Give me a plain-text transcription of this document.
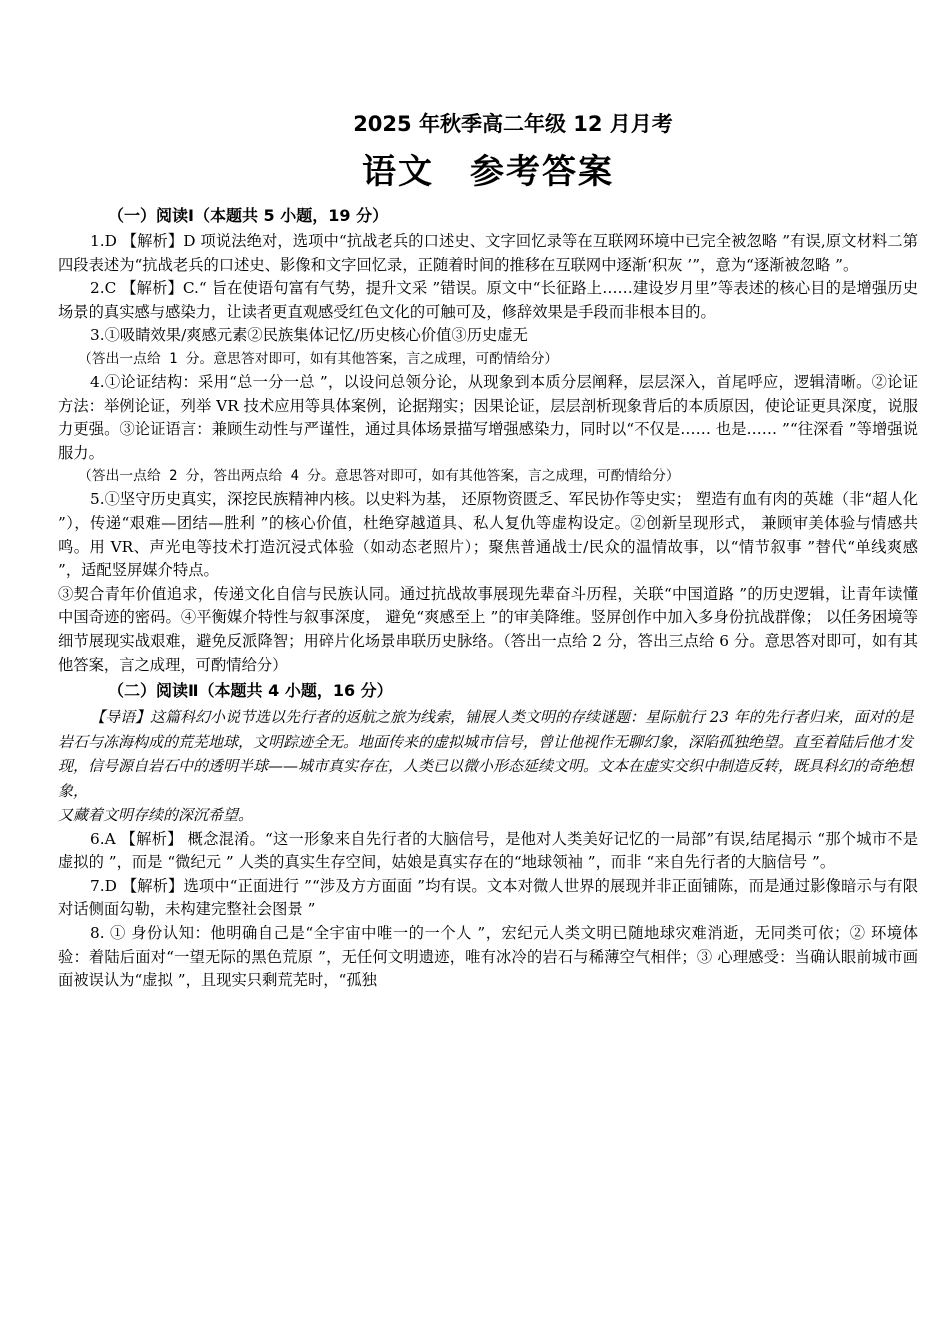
2025 年秋季高二年级 12 月月考
语文　参考答案
（一）阅读Ⅰ（本题共 5 小题，19 分）

1.D 【解析】D 项说法绝对，选项中“抗战老兵的口述史、文字回忆录等在互联网环境中已完全被忽略 ”有误,原文材料二第四段表述为“抗战老兵的口述史、影像和文字回忆录，正随着时间的推移在互联网中逐渐‘积灰 ’”，意为“逐渐被忽略 ”。

2.C 【解析】C.“ 旨在使语句富有气势，提升文采 ”错误。原文中“长征路上……建设岁月里”等表述的核心目的是增强历史场景的真实感与感染力，让读者更直观感受红色文化的可触可及，修辞效果是手段而非根本目的。

3.①吸睛效果/爽感元素②民族集体记忆/历史核心价值③历史虚无

（答出一点给 1 分。意思答对即可，如有其他答案，言之成理，可酌情给分）

4.①论证结构：采用“总一分一总 ”，以设问总领分论，从现象到本质分层阐释，层层深入，首尾呼应，逻辑清晰。②论证方法：举例论证，列举 VR 技术应用等具体案例，论据翔实；因果论证，层层剖析现象背后的本质原因，使论证更具深度，说服力更强。③论证语言：兼顾生动性与严谨性，通过具体场景描写增强感染力，同时以“不仅是…… 也是…… ”“往深看 ”等增强说服力。

（答出一点给 2 分，答出两点给 4 分。意思答对即可，如有其他答案，言之成理，可酌情给分）

5.①坚守历史真实，深挖民族精神内核。以史料为基， 还原物资匮乏、军民协作等史实； 塑造有血有肉的英雄（非“超人化 ”），传递“艰难—团结—胜利 ”的核心价值，杜绝穿越道具、私人复仇等虚构设定。②创新呈现形式， 兼顾审美体验与情感共鸣。用 VR、声光电等技术打造沉浸式体验（如动态老照片）；聚焦普通战士/民众的温情故事，以“情节叙事 ”替代“单线爽感 ”，适配竖屏媒介特点。

③契合青年价值追求，传递文化自信与民族认同。通过抗战故事展现先辈奋斗历程，关联“中国道路 ”的历史逻辑，让青年读懂中国奇迹的密码。④平衡媒介特性与叙事深度， 避免“爽感至上 ”的审美降维。竖屏创作中加入多身份抗战群像； 以任务困境等细节展现实战艰难，避免反派降智；用碎片化场景串联历史脉络。（答出一点给 2 分，答出三点给 6 分。意思答对即可，如有其他答案，言之成理，可酌情给分）

（二）阅读Ⅱ（本题共 4 小题，16 分）

【导语】这篇科幻小说节选以先行者的返航之旅为线索，铺展人类文明的存续谜题：星际航行 23 年的先行者归来，面对的是岩石与冻海构成的荒芜地球，文明踪迹全无。地面传来的虚拟城市信号，曾让他视作无聊幻象，深陷孤独绝望。直至着陆后他才发现，信号源自岩石中的透明半球——城市真实存在，人类已以微小形态延续文明。文本在虚实交织中制造反转，既具科幻的奇绝想象，

又藏着文明存续的深沉希望。

6.A 【解析】 概念混淆。“这一形象来自先行者的大脑信号，是他对人类美好记忆的一局部”有误,结尾揭示 “那个城市不是虚拟的 ”，而是 “微纪元 ” 人类的真实生存空间，姑娘是真实存在的“地球领袖 ”，而非 “来自先行者的大脑信号 ”。

7.D 【解析】选项中“正面进行 ”“涉及方方面面 ”均有误。文本对微人世界的展现并非正面铺陈，而是通过影像暗示与有限对话侧面勾勒，未构建完整社会图景 ”

8. ① 身份认知：他明确自己是“全宇宙中唯一的一个人 ”，宏纪元人类文明已随地球灾难消逝，无同类可依；② 环境体验：着陆后面对“一望无际的黑色荒原 ”，无任何文明遗迹，唯有冰冷的岩石与稀薄空气相伴；③ 心理感受：当确认眼前城市画面被误认为“虚拟 ”，且现实只剩荒芜时，“孤独
